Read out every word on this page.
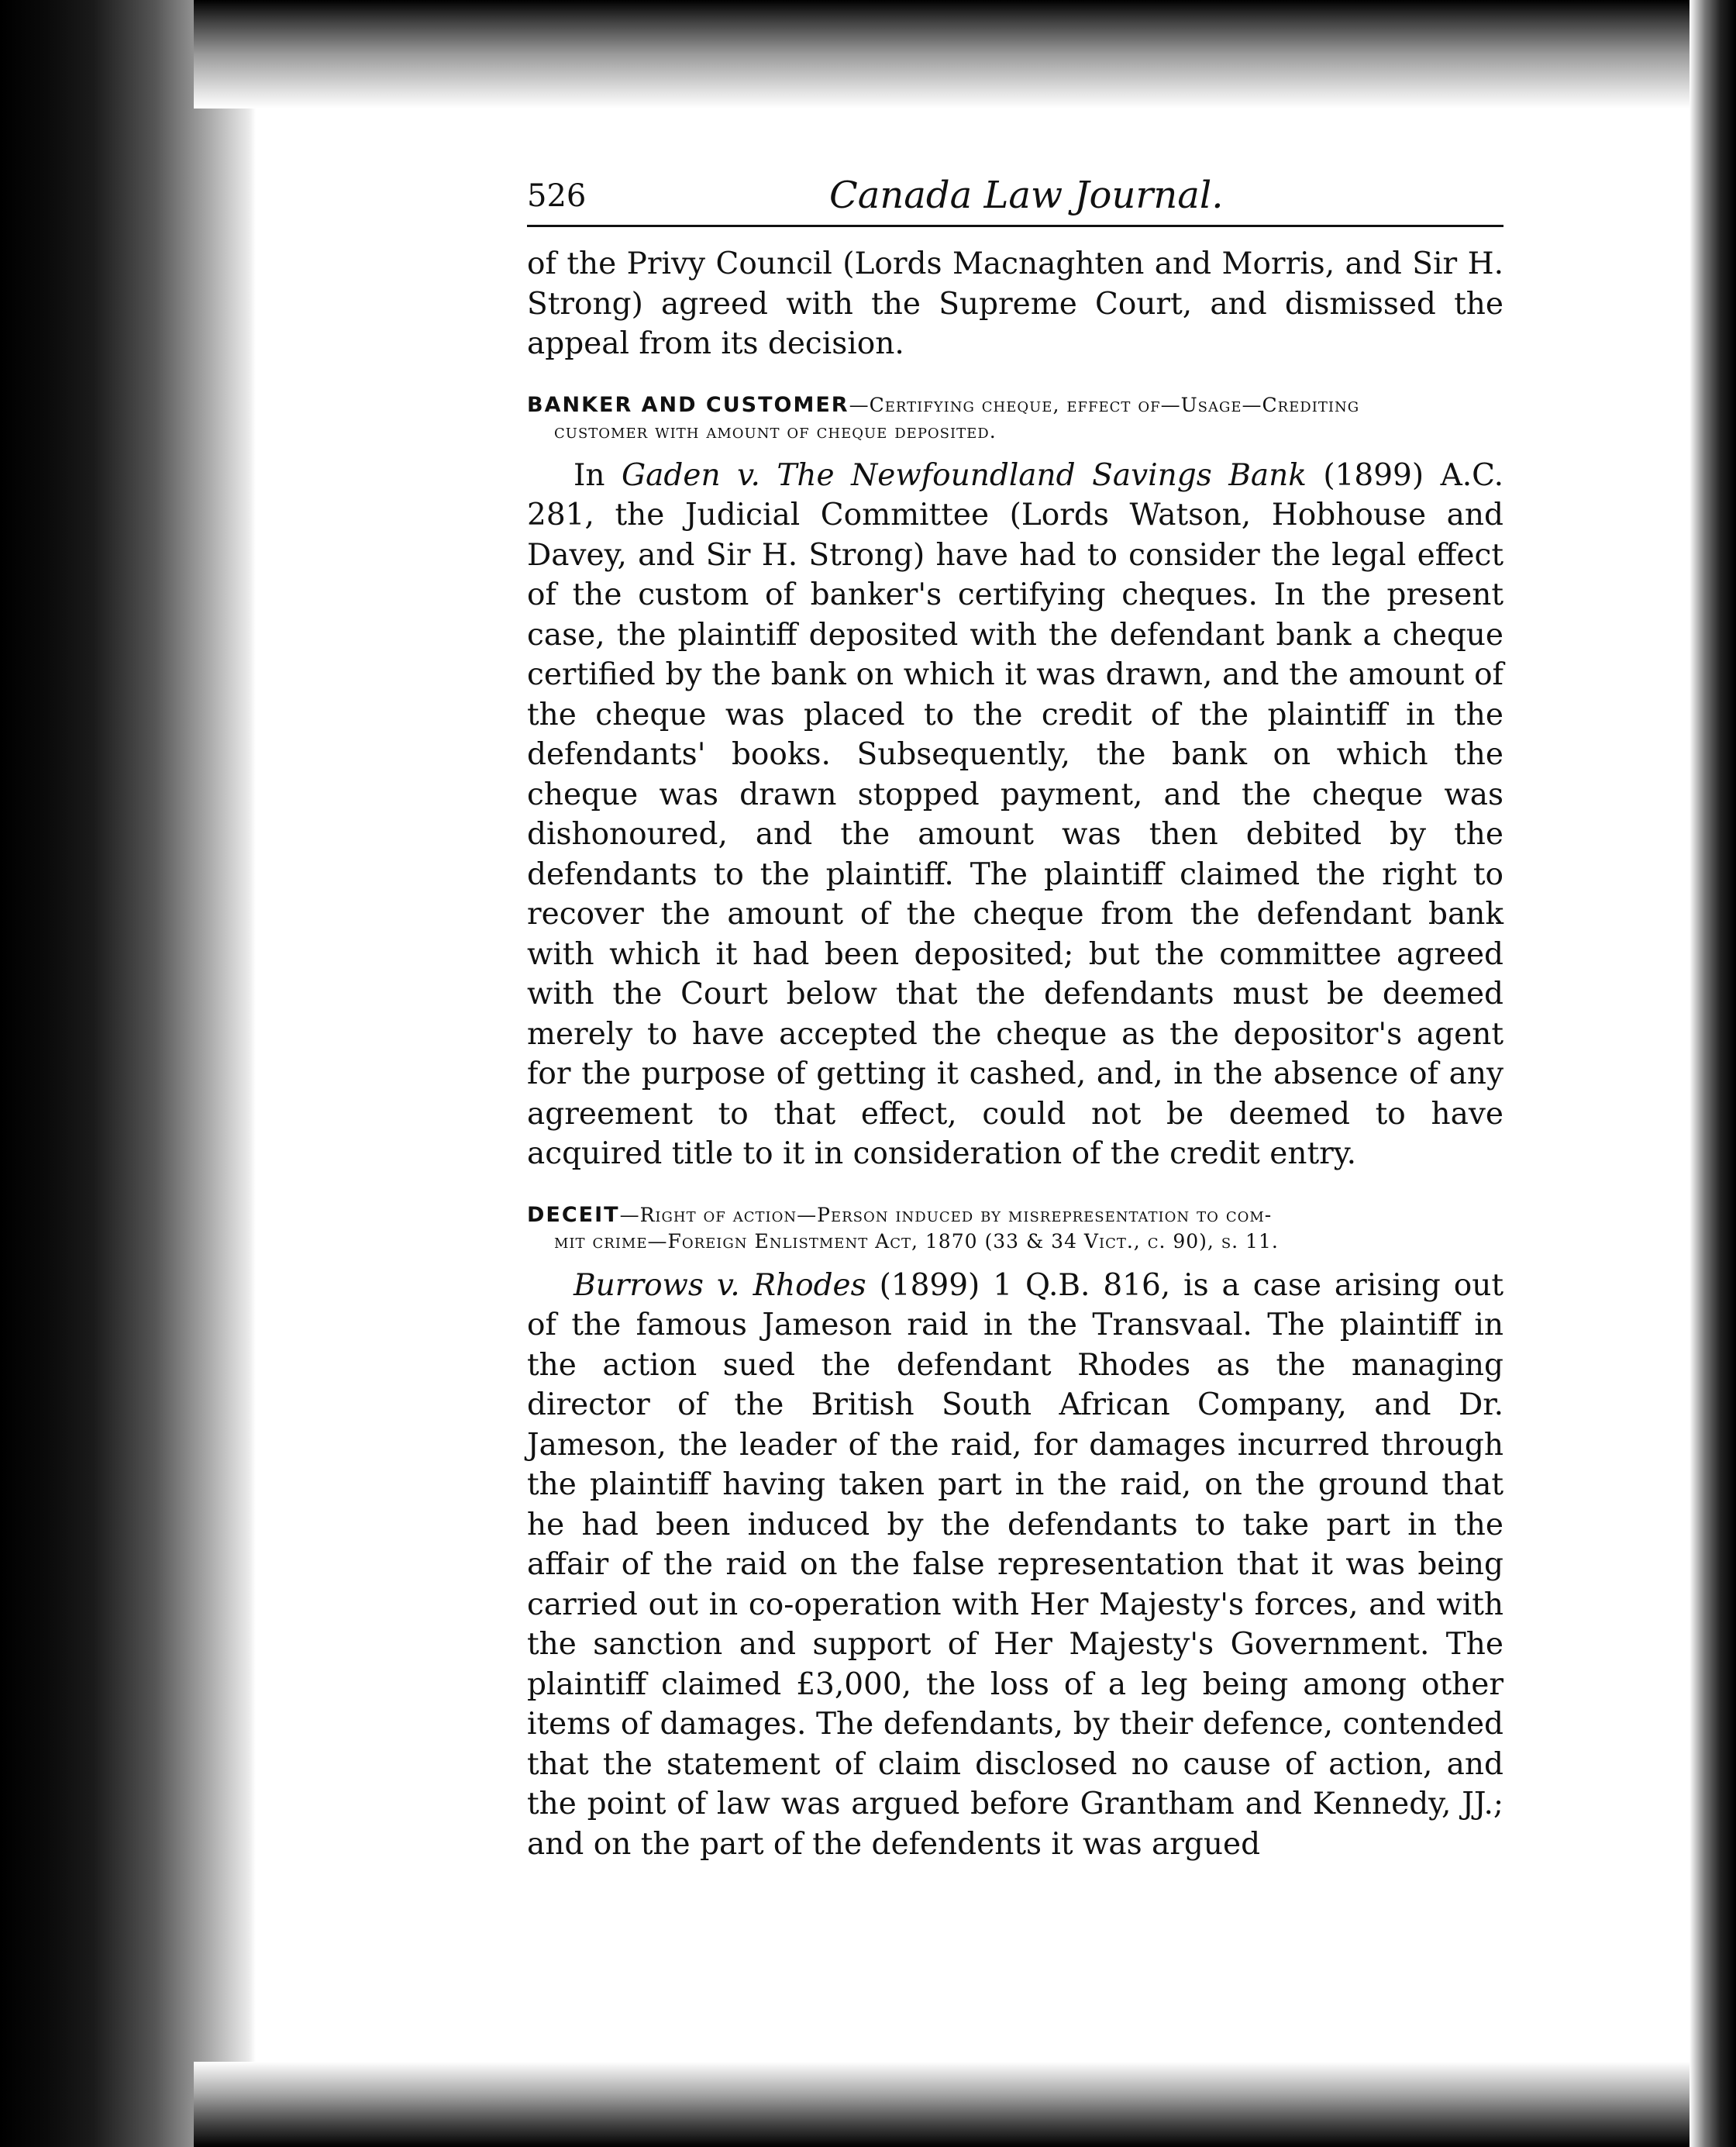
526	Canada Law Journal.

of the Privy Council (Lords Macnaghten and Morris, and Sir H. Strong) agreed with the Supreme Court, and dismissed the appeal from its decision.

BANKER AND CUSTOMER—Certifying cheque, effect of—Usage—Crediting
customer with amount of cheque deposited.

In Gaden v. The Newfoundland Savings Bank (1899) A.C. 281, the Judicial Committee (Lords Watson, Hobhouse and Davey, and Sir H. Strong) have had to consider the legal effect of the custom of banker's certifying cheques. In the present case, the plaintiff deposited with the defendant bank a cheque certified by the bank on which it was drawn, and the amount of the cheque was placed to the credit of the plaintiff in the defendants' books. Subsequently, the bank on which the cheque was drawn stopped payment, and the cheque was dishonoured, and the amount was then debited by the defendants to the plaintiff. The plaintiff claimed the right to recover the amount of the cheque from the defendant bank with which it had been deposited; but the committee agreed with the Court below that the defendants must be deemed merely to have accepted the cheque as the depositor's agent for the purpose of getting it cashed, and, in the absence of any agreement to that effect, could not be deemed to have acquired title to it in consideration of the credit entry.

DECEIT—Right of action—Person induced by misrepresentation to com-
mit crime—Foreign Enlistment Act, 1870 (33 & 34 Vict., c. 90), s. 11.

Burrows v. Rhodes (1899) 1 Q.B. 816, is a case arising out of the famous Jameson raid in the Transvaal. The plaintiff in the action sued the defendant Rhodes as the managing director of the British South African Company, and Dr. Jameson, the leader of the raid, for damages incurred through the plaintiff having taken part in the raid, on the ground that he had been induced by the defendants to take part in the affair of the raid on the false representation that it was being carried out in co-operation with Her Majesty's forces, and with the sanction and support of Her Majesty's Government. The plaintiff claimed £3,000, the loss of a leg being among other items of damages. The defendants, by their defence, contended that the statement of claim disclosed no cause of action, and the point of law was argued before Grantham and Kennedy, JJ.; and on the part of the defendents it was argued
